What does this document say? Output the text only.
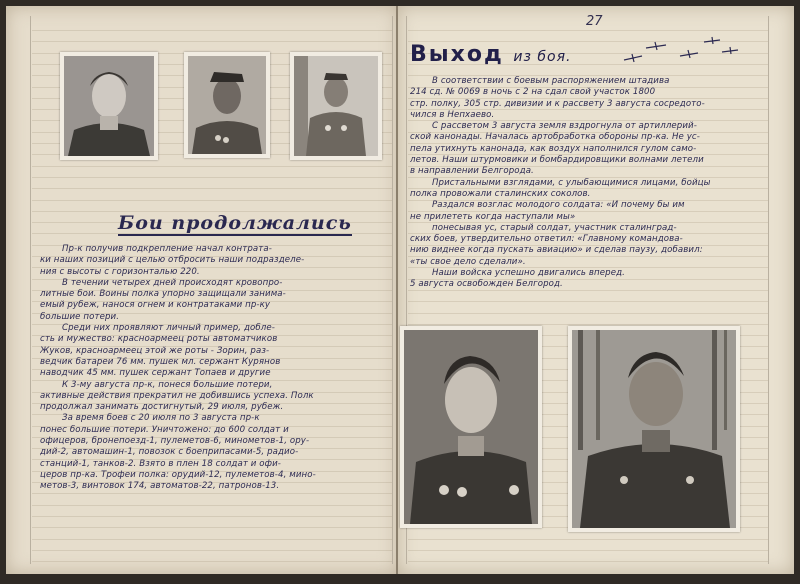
27
Бои продолжались
Выход из боя.
Пр-к получив подкрепление начал контрата-
ки наших позиций с целью отбросить наши подразделе-
ния с высоты с горизонталью 220.
В течении четырех дней происходят кровопро-
литные бои. Воины полка упорно защищали занима-
емый рубеж, нанося огнем и контратаками пр-ку
большие потери.
Среди них проявляют личный пример, добле-
сть и мужество: красноармеец роты автоматчиков
Жуков, красноармеец этой же роты - Зорин, раз-
ведчик батареи 76 мм. пушек мл. сержант Курянов
наводчик 45 мм. пушек сержант Топаев и другие
К 3-му августа пр-к, понеся большие потери,
активные действия прекратил не добившись успеха. Полк
продолжал занимать достигнутый, 29 июля, рубеж.
За время боев с 20 июля по 3 августа пр-к
понес большие потери. Уничтожено: до 600 солдат и
офицеров, бронепоезд-1, пулеметов-6, минометов-1, ору-
дий-2, автомашин-1, повозок с боеприпасами-5, радио-
станций-1, танков-2. Взято в плен 18 солдат и офи-
церов пр-ка. Трофеи полка: орудий-12, пулеметов-4, мино-
метов-3, винтовок 174, автоматов-22, патронов-13.
В соответствии с боевым распоряжением штадива
214 сд. № 0069 в ночь с 2 на сдал свой участок 1800
стр. полку, 305 стр. дивизии и к рассвету 3 августа сосредото-
чился в Непхаево.
С рассветом 3 августа земля вздрогнула от артиллерий-
ской канонады. Началась артобработка обороны пр-ка. Не ус-
пела утихнуть канонада, как воздух наполнился гулом само-
летов. Наши штурмовики и бомбардировщики волнами летели
в направлении Белгорода.
Пристальными взглядами, с улыбающимися лицами, бойцы
полка провожали сталинских соколов.
Раздался возглас молодого солдата: «И почему бы им
не прилететь когда наступали мы»
понесывая ус, старый солдат, участник сталинград-
ских боев, утвердительно ответил: «Главному командова-
нию виднее когда пускать авиацию» и сделав паузу, добавил:
«ты свое дело сделали».
Наши войска успешно двигались вперед.
5 августа освобожден Белгород.
